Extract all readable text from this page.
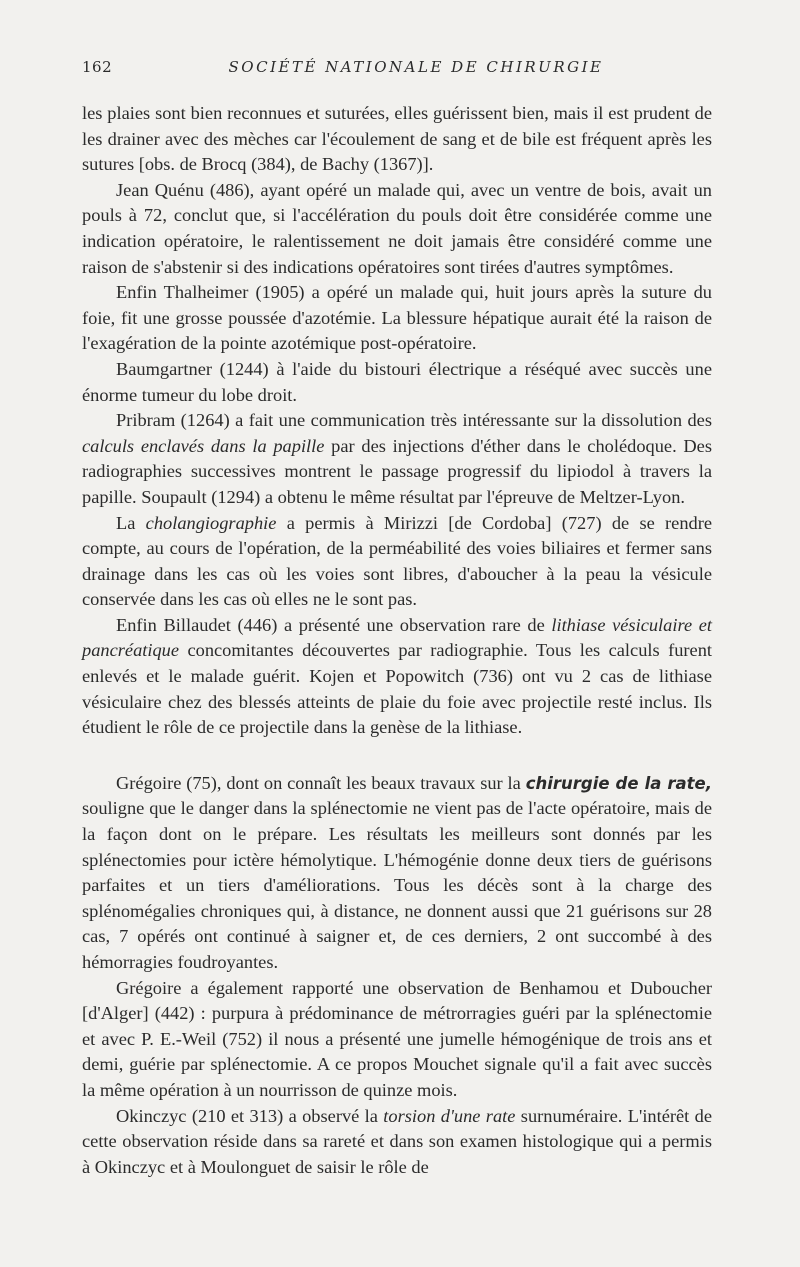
162	SOCIÉTÉ NATIONALE DE CHIRURGIE

les plaies sont bien reconnues et suturées, elles guérissent bien, mais il est prudent de les drainer avec des mèches car l'écoulement de sang et de bile est fréquent après les sutures [obs. de Brocq (384), de Bachy (1367)].

Jean Quénu (486), ayant opéré un malade qui, avec un ventre de bois, avait un pouls à 72, conclut que, si l'accélération du pouls doit être considérée comme une indication opératoire, le ralentissement ne doit jamais être considéré comme une raison de s'abstenir si des indications opératoires sont tirées d'autres symptômes.

Enfin Thalheimer (1905) a opéré un malade qui, huit jours après la suture du foie, fit une grosse poussée d'azotémie. La blessure hépatique aurait été la raison de l'exagération de la pointe azotémique post-opératoire.

Baumgartner (1244) à l'aide du bistouri électrique a réséqué avec succès une énorme tumeur du lobe droit.

Pribram (1264) a fait une communication très intéressante sur la dissolution des calculs enclavés dans la papille par des injections d'éther dans le cholédoque. Des radiographies successives montrent le passage progressif du lipiodol à travers la papille. Soupault (1294) a obtenu le même résultat par l'épreuve de Meltzer-Lyon.

La cholangiographie a permis à Mirizzi [de Cordoba] (727) de se rendre compte, au cours de l'opération, de la perméabilité des voies biliaires et fermer sans drainage dans les cas où les voies sont libres, d'aboucher à la peau la vésicule conservée dans les cas où elles ne le sont pas.

Enfin Billaudet (446) a présenté une observation rare de lithiase vésiculaire et pancréatique concomitantes découvertes par radiographie. Tous les calculs furent enlevés et le malade guérit. Kojen et Popowitch (736) ont vu 2 cas de lithiase vésiculaire chez des blessés atteints de plaie du foie avec projectile resté inclus. Ils étudient le rôle de ce projectile dans la genèse de la lithiase.

Grégoire (75), dont on connaît les beaux travaux sur la chirurgie de la rate, souligne que le danger dans la splénectomie ne vient pas de l'acte opératoire, mais de la façon dont on le prépare. Les résultats les meilleurs sont donnés par les splénectomies pour ictère hémolytique. L'hémogénie donne deux tiers de guérisons parfaites et un tiers d'améliorations. Tous les décès sont à la charge des splénomégalies chroniques qui, à distance, ne donnent aussi que 21 guérisons sur 28 cas, 7 opérés ont continué à saigner et, de ces derniers, 2 ont succombé à des hémorragies foudroyantes.

Grégoire a également rapporté une observation de Benhamou et Duboucher [d'Alger] (442) : purpura à prédominance de métrorragies guéri par la splénectomie et avec P. E.-Weil (752) il nous a présenté une jumelle hémogénique de trois ans et demi, guérie par splénectomie. A ce propos Mouchet signale qu'il a fait avec succès la même opération à un nourrisson de quinze mois.

Okinczyc (210 et 313) a observé la torsion d'une rate surnuméraire. L'intérêt de cette observation réside dans sa rareté et dans son examen histologique qui a permis à Okinczyc et à Moulonguet de saisir le rôle de
